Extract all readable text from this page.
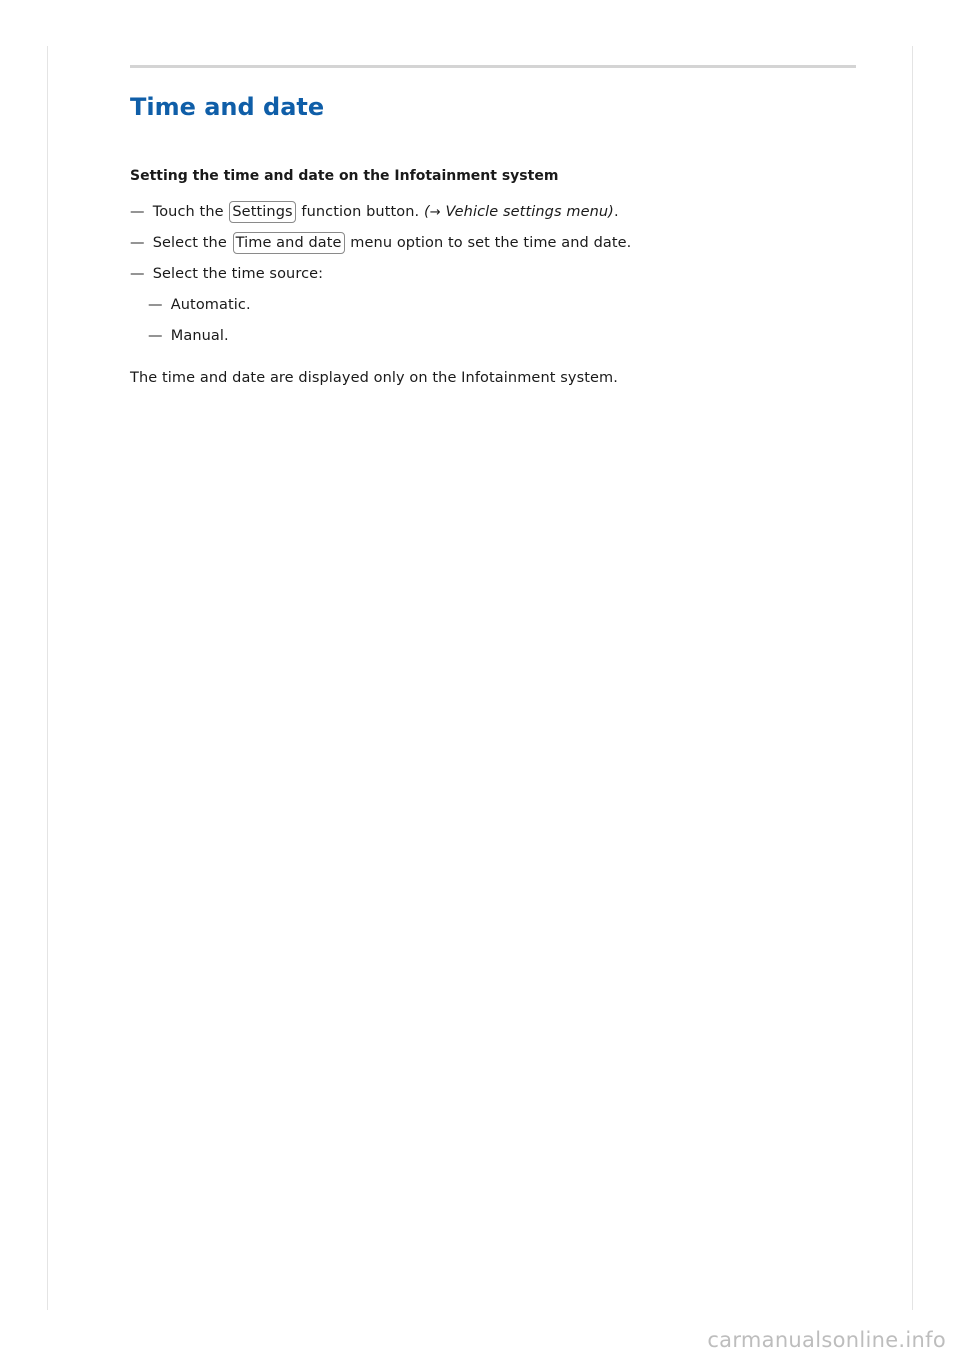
Time and date
Setting the time and date on the Infotainment system
— Touch the Settings function button. (→ Vehicle settings menu).
— Select the Time and date menu option to set the time and date.
— Select the time source:
— Automatic.
— Manual.
The time and date are displayed only on the Infotainment system.
carmanualsonline.info
